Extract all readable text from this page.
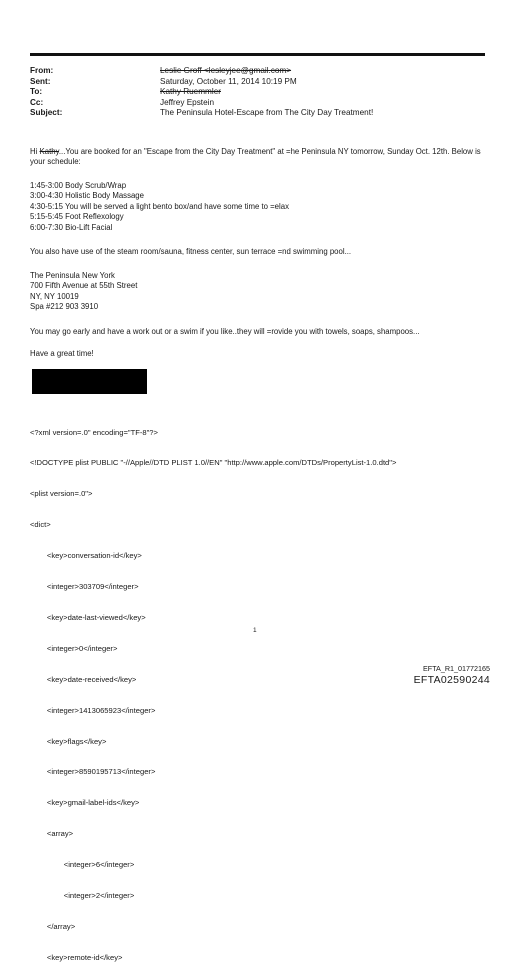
From:	Leslie Groff <lesleyjee@gmail.com>
Sent:	Saturday, October 11, 2014 10:19 PM
To:	Kathy Ruemmler
Cc:	Jeffrey Epstein
Subject:	The Peninsula Hotel-Escape from The City Day Treatment!

Hi Kathy...You are booked for an "Escape from the City Day Treatment" at =he Peninsula NY tomorrow, Sunday Oct. 12th. Below is your schedule:

1:45-3:00 Body Scrub/Wrap

3:00-4:30 Holistic Body Massage

4:30-5:15 You will be served a light bento box/and have some time to =elax

5:15-5:45 Foot Reflexology

6:00-7:30 Bio-Lift Facial

You also have use of the steam room/sauna, fitness center, sun terrace =nd swimming pool...

The Peninsula New York

700 Fifth Avenue at 55th Street

NY, NY 10019

Spa #212 903 3910

You may go early and have a work out or a swim if you like..they will =rovide you with towels, soaps, shampoos...

Have a great time!

<?xml version=.0" encoding="TF-8"?>

<!DOCTYPE plist PUBLIC "-//Apple//DTD PLIST 1.0//EN" "http://www.apple.com/DTDs/PropertyList-1.0.dtd">

<plist version=.0">

<dict>

<key>conversation-id</key>

<integer>303709</integer>

<key>date-last-viewed</key>

<integer>0</integer>

<key>date-received</key>

<integer>1413065923</integer>

<key>flags</key>

<integer>8590195713</integer>

<key>gmail-label-ids</key>

<array>

<integer>6</integer>

<integer>2</integer>

</array>

<key>remote-id</key>

1
EFTA_R1_01772165
EFTA02590244
